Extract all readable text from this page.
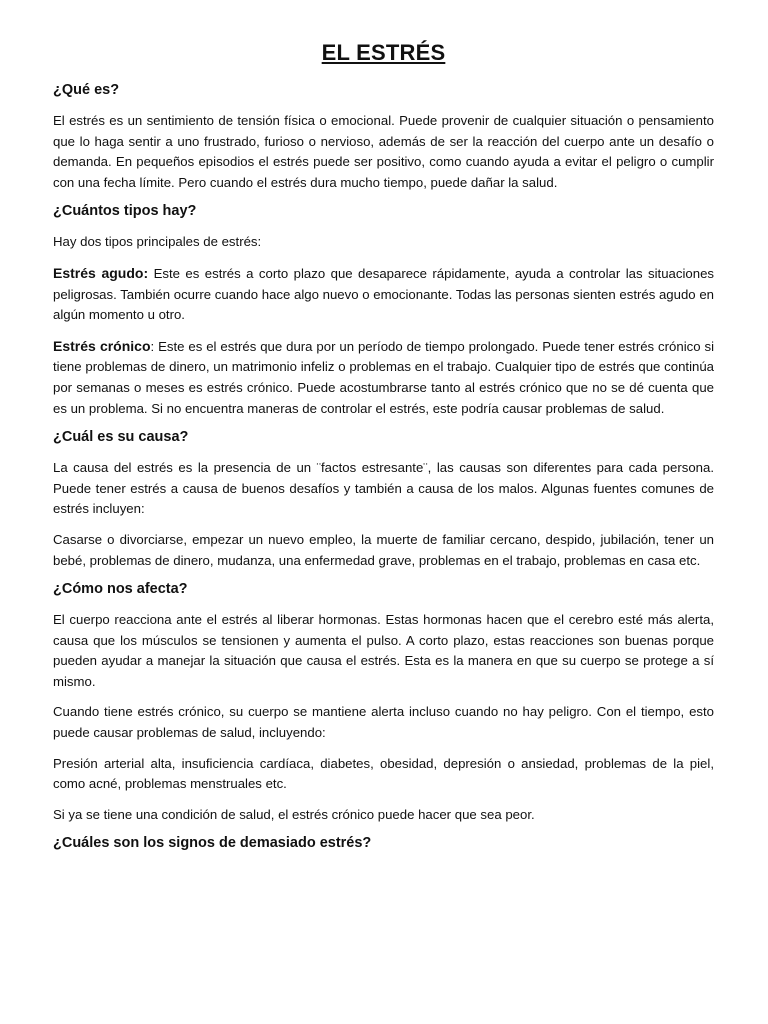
EL ESTRÉS
¿Qué es?

El estrés es un sentimiento de tensión física o emocional. Puede provenir de cualquier situación o pensamiento que lo haga sentir a uno frustrado, furioso o nervioso, además de ser la reacción del cuerpo ante un desafío o demanda. En pequeños episodios el estrés puede ser positivo, como cuando ayuda a evitar el peligro o cumplir con una fecha límite. Pero cuando el estrés dura mucho tiempo, puede dañar la salud.

¿Cuántos tipos hay?

Hay dos tipos principales de estrés:

Estrés agudo: Este es estrés a corto plazo que desaparece rápidamente, ayuda a controlar las situaciones peligrosas. También ocurre cuando hace algo nuevo o emocionante. Todas las personas sienten estrés agudo en algún momento u otro.

Estrés crónico: Este es el estrés que dura por un período de tiempo prolongado. Puede tener estrés crónico si tiene problemas de dinero, un matrimonio infeliz o problemas en el trabajo. Cualquier tipo de estrés que continúa por semanas o meses es estrés crónico. Puede acostumbrarse tanto al estrés crónico que no se dé cuenta que es un problema. Si no encuentra maneras de controlar el estrés, este podría causar problemas de salud.

¿Cuál es su causa?

La causa del estrés es la presencia de un ¨factos estresante¨, las causas son diferentes para cada persona. Puede tener estrés a causa de buenos desafíos y también a causa de los malos. Algunas fuentes comunes de estrés incluyen:

Casarse o divorciarse, empezar un nuevo empleo, la muerte de familiar cercano, despido, jubilación, tener un bebé, problemas de dinero, mudanza, una enfermedad grave, problemas en el trabajo, problemas en casa etc.

¿Cómo nos afecta?

El cuerpo reacciona ante el estrés al liberar hormonas. Estas hormonas hacen que el cerebro esté más alerta, causa que los músculos se tensionen y aumenta el pulso. A corto plazo, estas reacciones son buenas porque pueden ayudar a manejar la situación que causa el estrés. Esta es la manera en que su cuerpo se protege a sí mismo.

Cuando tiene estrés crónico, su cuerpo se mantiene alerta incluso cuando no hay peligro. Con el tiempo, esto puede causar problemas de salud, incluyendo:

Presión arterial alta, insuficiencia cardíaca, diabetes, obesidad, depresión o ansiedad, problemas de la piel, como acné, problemas menstruales etc.

Si ya se tiene una condición de salud, el estrés crónico puede hacer que sea peor.

¿Cuáles son los signos de demasiado estrés?
